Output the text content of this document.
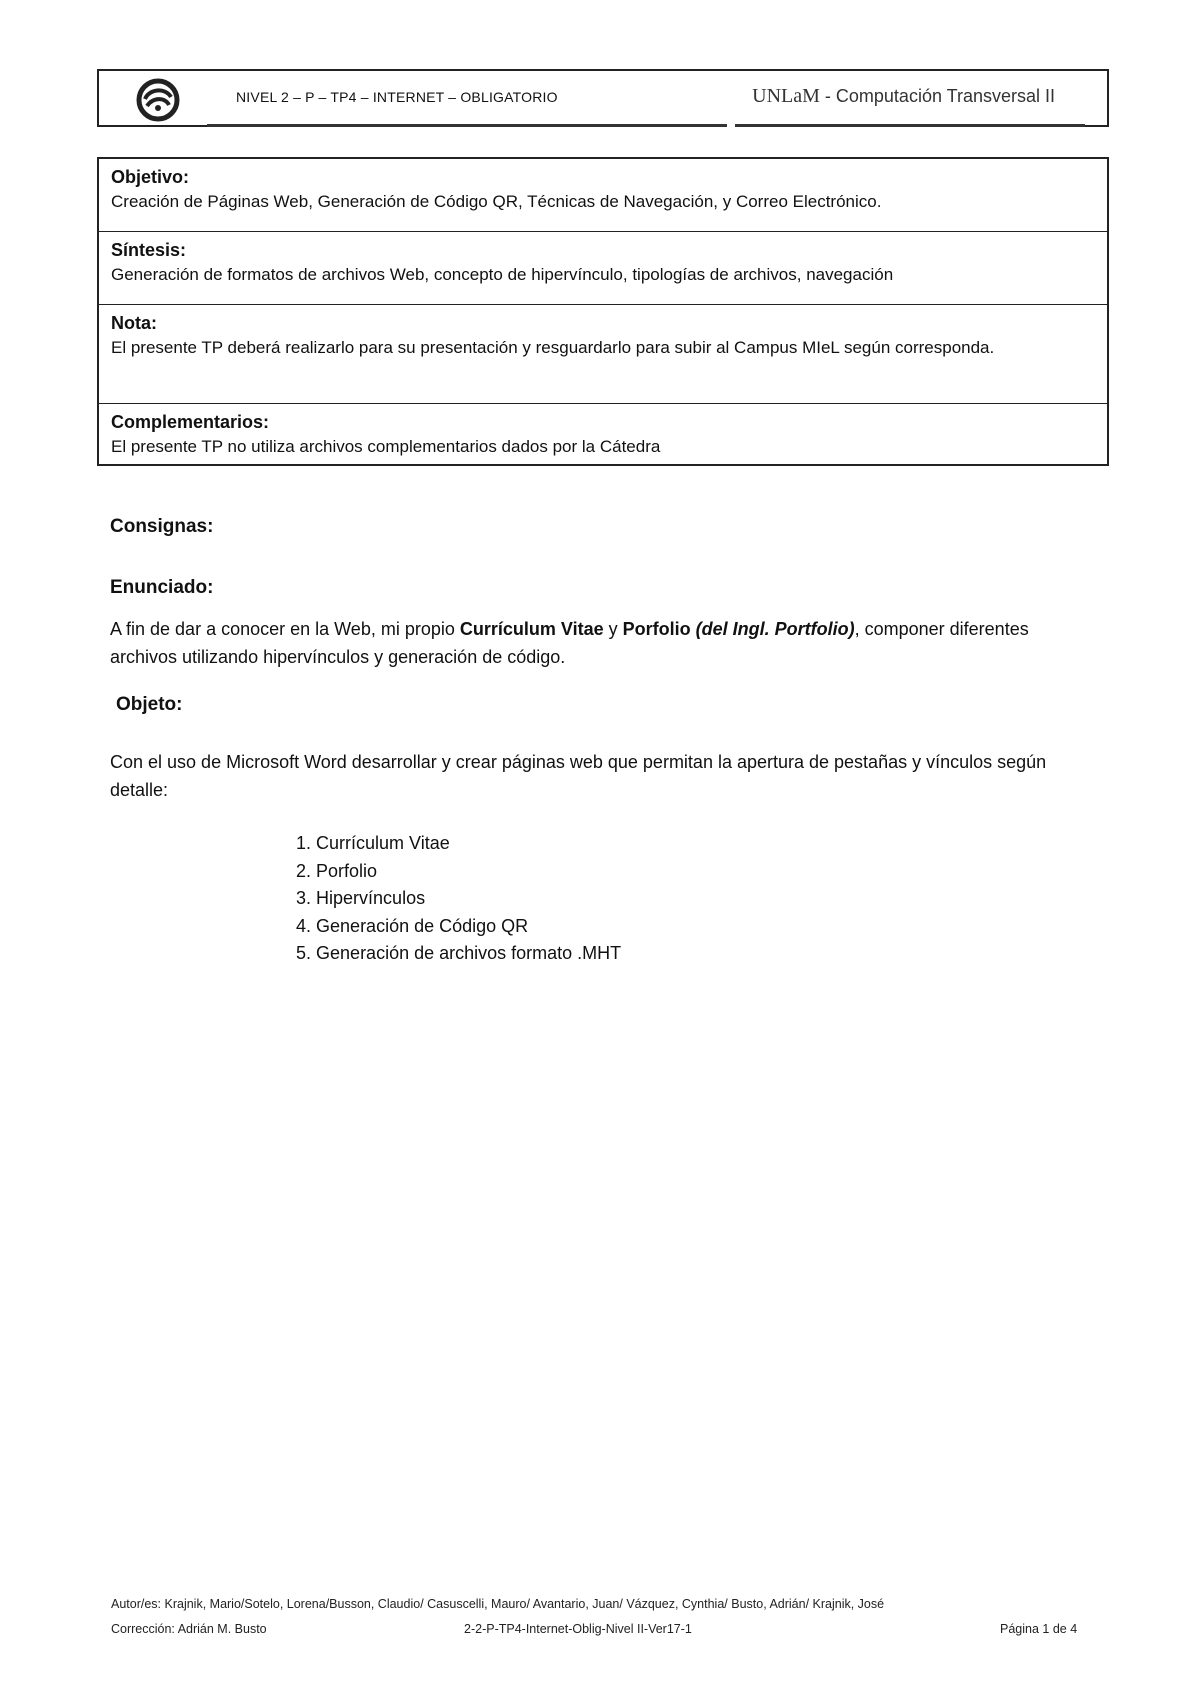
NIVEL 2 – P – TP4 – INTERNET – OBLIGATORIO	UNLaM - Computación Transversal II
Objetivo:
Creación de Páginas Web, Generación de Código QR, Técnicas de Navegación, y Correo Electrónico.
Síntesis:
Generación de formatos de archivos Web, concepto de hipervínculo, tipologías de archivos, navegación
Nota:
El presente TP deberá realizarlo para su presentación y resguardarlo para subir al Campus MIeL según corresponda.
Complementarios:
El presente TP no utiliza archivos complementarios dados por la Cátedra
Consignas:
Enunciado:
A fin de dar a conocer en la Web, mi propio Currículum Vitae y Porfolio (del Ingl. Portfolio), componer diferentes archivos utilizando hipervínculos y generación de código.
Objeto:
Con el uso de Microsoft Word desarrollar y crear páginas web que permitan la apertura de pestañas y vínculos según detalle:
1. Currículum Vitae
2. Porfolio
3. Hipervínculos
4. Generación de Código QR
5. Generación de archivos formato .MHT
Autor/es: Krajnik, Mario/Sotelo, Lorena/Busson, Claudio/ Casuscelli, Mauro/ Avantario, Juan/ Vázquez, Cynthia/ Busto, Adrián/ Krajnik, José
Corrección: Adrián M. Busto	2-2-P-TP4-Internet-Oblig-Nivel II-Ver17-1	Página 1 de 4
